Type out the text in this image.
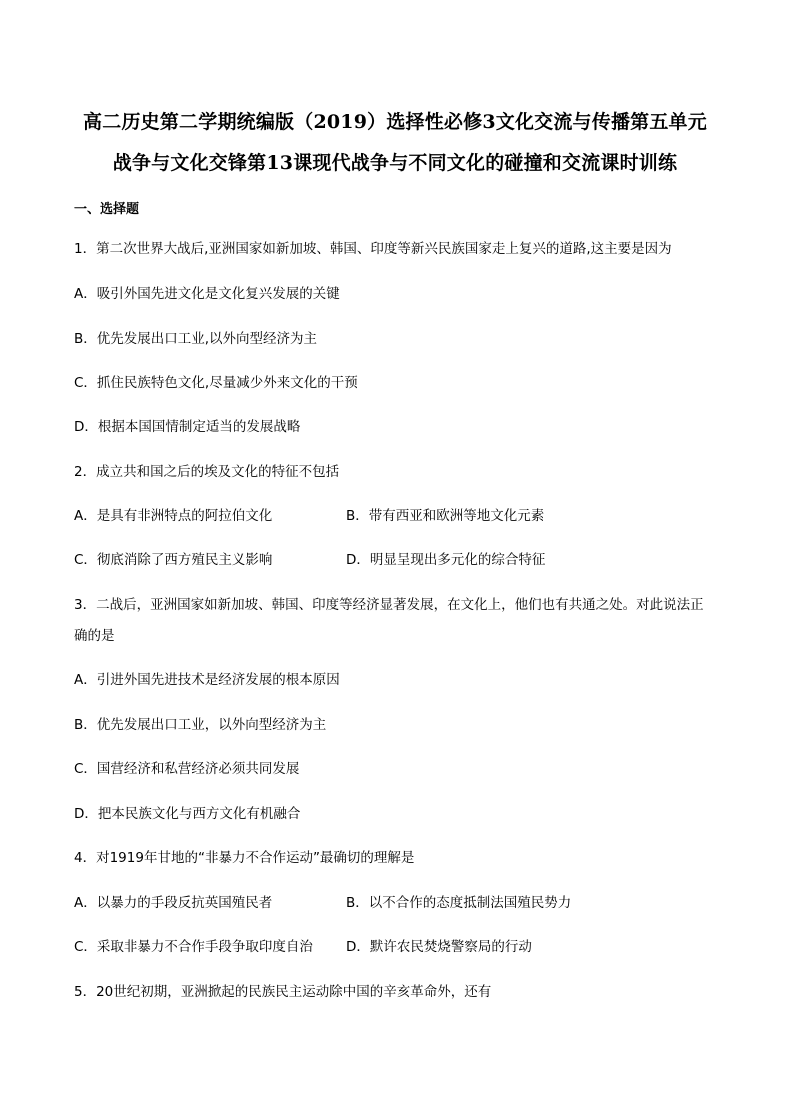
高二历史第二学期统编版（2019）选择性必修3文化交流与传播第五单元
战争与文化交锋第13课现代战争与不同文化的碰撞和交流课时训练
一、选择题
1．第二次世界大战后,亚洲国家如新加坡、韩国、印度等新兴民族国家走上复兴的道路,这主要是因为
A．吸引外国先进文化是文化复兴发展的关键
B．优先发展出口工业,以外向型经济为主
C．抓住民族特色文化,尽量减少外来文化的干预
D．根据本国国情制定适当的发展战略
2．成立共和国之后的埃及文化的特征不包括
A．是具有非洲特点的阿拉伯文化	B．带有西亚和欧洲等地文化元素
C．彻底消除了西方殖民主义影响	D．明显呈现出多元化的综合特征
3．二战后，亚洲国家如新加坡、韩国、印度等经济显著发展，在文化上，他们也有共通之处。对此说法正
确的是
A．引进外国先进技术是经济发展的根本原因
B．优先发展出口工业，以外向型经济为主
C．国营经济和私营经济必须共同发展
D．把本民族文化与西方文化有机融合
4．对1919年甘地的“非暴力不合作运动”最确切的理解是
A．以暴力的手段反抗英国殖民者	B．以不合作的态度抵制法国殖民势力
C．采取非暴力不合作手段争取印度自治 D．默许农民焚烧警察局的行动
5．20世纪初期，亚洲掀起的民族民主运动除中国的辛亥革命外，还有
